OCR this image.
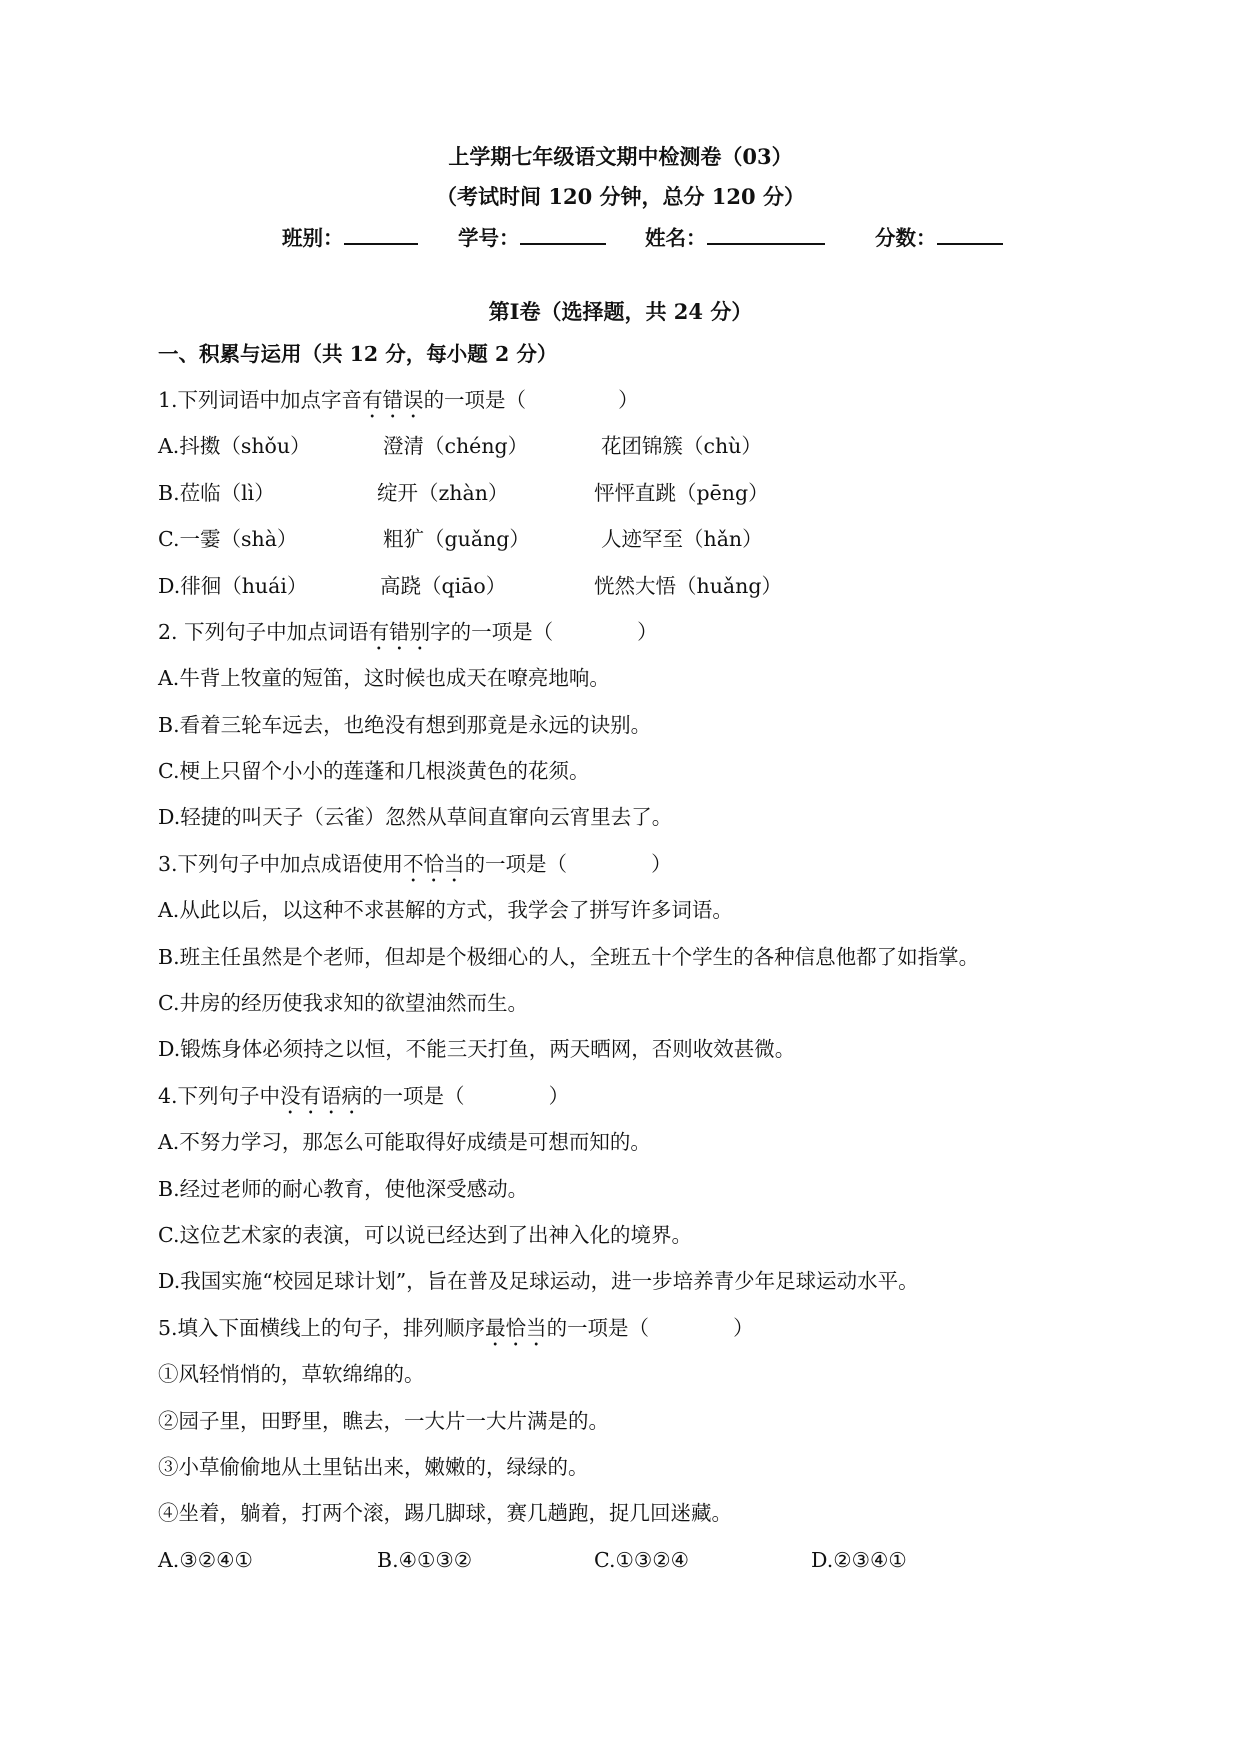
上学期七年级语文期中检测卷（03）
（考试时间 120 分钟，总分 120 分）
班别：	学号：	姓名：	分数：
第Ⅰ卷（选择题，共 24 分）
一、积累与运用（共 12 分，每小题 2 分）
1.下列词语中加点字音有错误的一项是（	）
A.抖擞（shǒu）	澄清（chéng）	花团锦簇（chù）
B.莅临（lì）	绽开（zhàn）	怦怦直跳（pēng）
C.一霎（shà）	粗犷（guǎng）	人迹罕至（hǎn）
D.徘徊（huái）	高跷（qiāo）	恍然大悟（huǎng）
2. 下列句子中加点词语有错别字的一项是（	）
A.牛背上牧童的短笛，这时候也成天在嘹亮地响。
B.看着三轮车远去，也绝没有想到那竟是永远的诀别。
C.梗上只留个小小的莲蓬和几根淡黄色的花须。
D.轻捷的叫天子（云雀）忽然从草间直窜向云宵里去了。
3.下列句子中加点成语使用不恰当的一项是（	）
A.从此以后，以这种不求甚解的方式，我学会了拼写许多词语。
B.班主任虽然是个老师，但却是个极细心的人，全班五十个学生的各种信息他都了如指掌。
C.井房的经历使我求知的欲望油然而生。
D.锻炼身体必须持之以恒，不能三天打鱼，两天晒网，否则收效甚微。
4.下列句子中没有语病的一项是（	）
A.不努力学习，那怎么可能取得好成绩是可想而知的。
B.经过老师的耐心教育，使他深受感动。
C.这位艺术家的表演，可以说已经达到了出神入化的境界。
D.我国实施“校园足球计划”，旨在普及足球运动，进一步培养青少年足球运动水平。
5.填入下面横线上的句子，排列顺序最恰当的一项是（	）
①风轻悄悄的，草软绵绵的。
②园子里，田野里，瞧去，一大片一大片满是的。
③小草偷偷地从土里钻出来，嫩嫩的，绿绿的。
④坐着，躺着，打两个滚，踢几脚球，赛几趟跑，捉几回迷藏。
A.③②④①	B.④①③②	C.①③②④	D.②③④①
